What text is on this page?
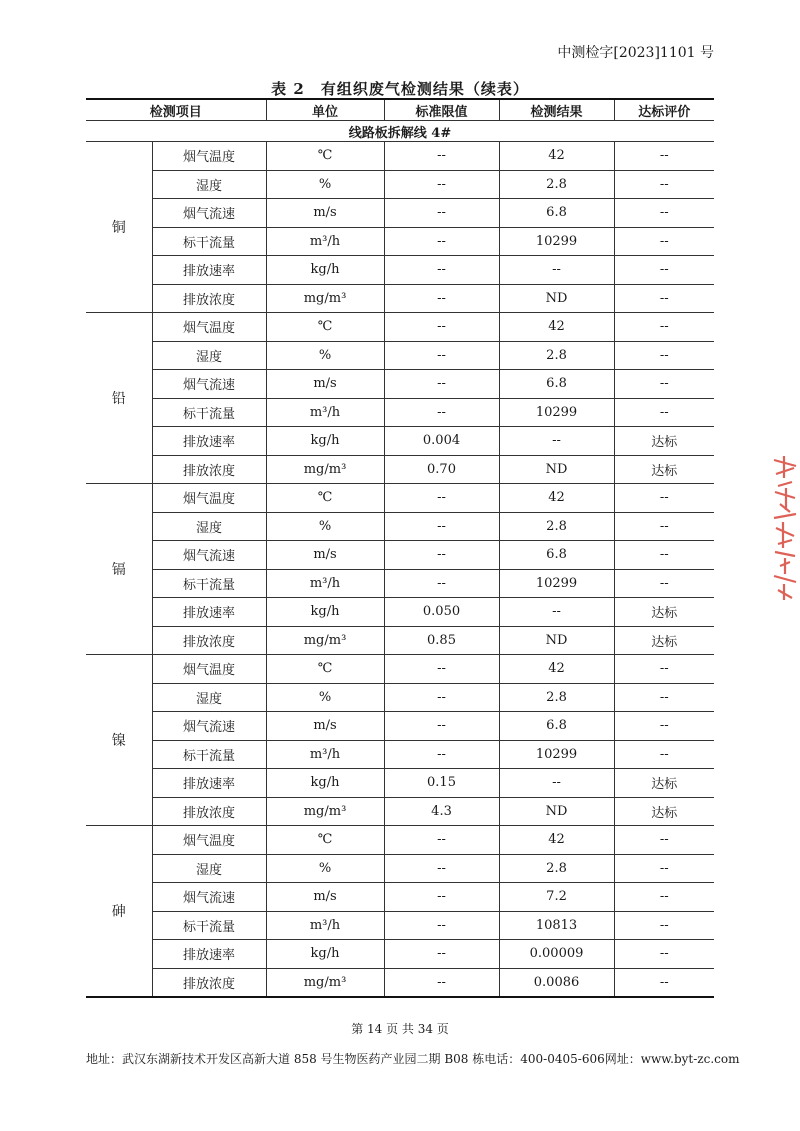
中测检字[2023]1101 号
表 2　有组织废气检测结果（续表）
检测项目		单位	标准限值	检测结果	达标评价
线路板拆解线 4#					
铜	烟气温度	℃	--	42	--
	湿度	%	--	2.8	--
	烟气流速	m/s	--	6.8	--
	标干流量	m³/h	--	10299	--
	排放速率	kg/h	--	--	--
	排放浓度	mg/m³	--	ND	--
铅	烟气温度	℃	--	42	--
	湿度	%	--	2.8	--
	烟气流速	m/s	--	6.8	--
	标干流量	m³/h	--	10299	--
	排放速率	kg/h	0.004	--	达标
	排放浓度	mg/m³	0.70	ND	达标
镉	烟气温度	℃	--	42	--
	湿度	%	--	2.8	--
	烟气流速	m/s	--	6.8	--
	标干流量	m³/h	--	10299	--
	排放速率	kg/h	0.050	--	达标
	排放浓度	mg/m³	0.85	ND	达标
镍	烟气温度	℃	--	42	--
	湿度	%	--	2.8	--
	烟气流速	m/s	--	6.8	--
	标干流量	m³/h	--	10299	--
	排放速率	kg/h	0.15	--	达标
	排放浓度	mg/m³	4.3	ND	达标
砷	烟气温度	℃	--	42	--
	湿度	%	--	2.8	--
	烟气流速	m/s	--	7.2	--
	标干流量	m³/h	--	10813	--
	排放速率	kg/h	--	0.00009	--
	排放浓度	mg/m³	--	0.0086	--
第 14 页 共 34 页
地址：武汉东湖新技术开发区高新大道 858 号生物医药产业园二期 B08 栋 电话：400-0405-606 网址：www.byt-zc.com
